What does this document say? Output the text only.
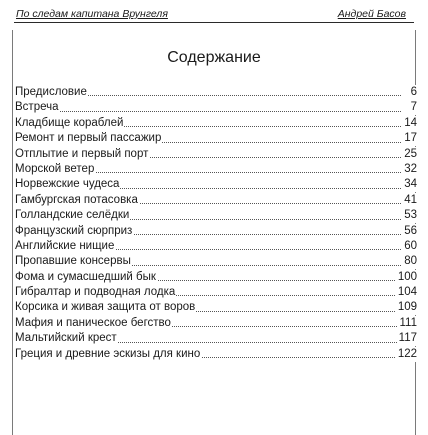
По следам капитана Врунгеля	Андрей Басов
Содержание
Предисловие	6
Встреча	7
Кладбище кораблей	14
Ремонт и первый пассажир	17
Отплытие и первый порт	25
Морской ветер	32
Норвежские чудеса	34
Гамбургская потасовка	41
Голландские селёдки	53
Французский сюрприз	56
Английские нищие	60
Пропавшие консервы	80
Фома и сумасшедший бык	100
Гибралтар и подводная лодка	104
Корсика и живая защита от воров	109
Мафия и паническое бегство	111
Мальтийский крест	117
Греция и древние эскизы для кино	122
